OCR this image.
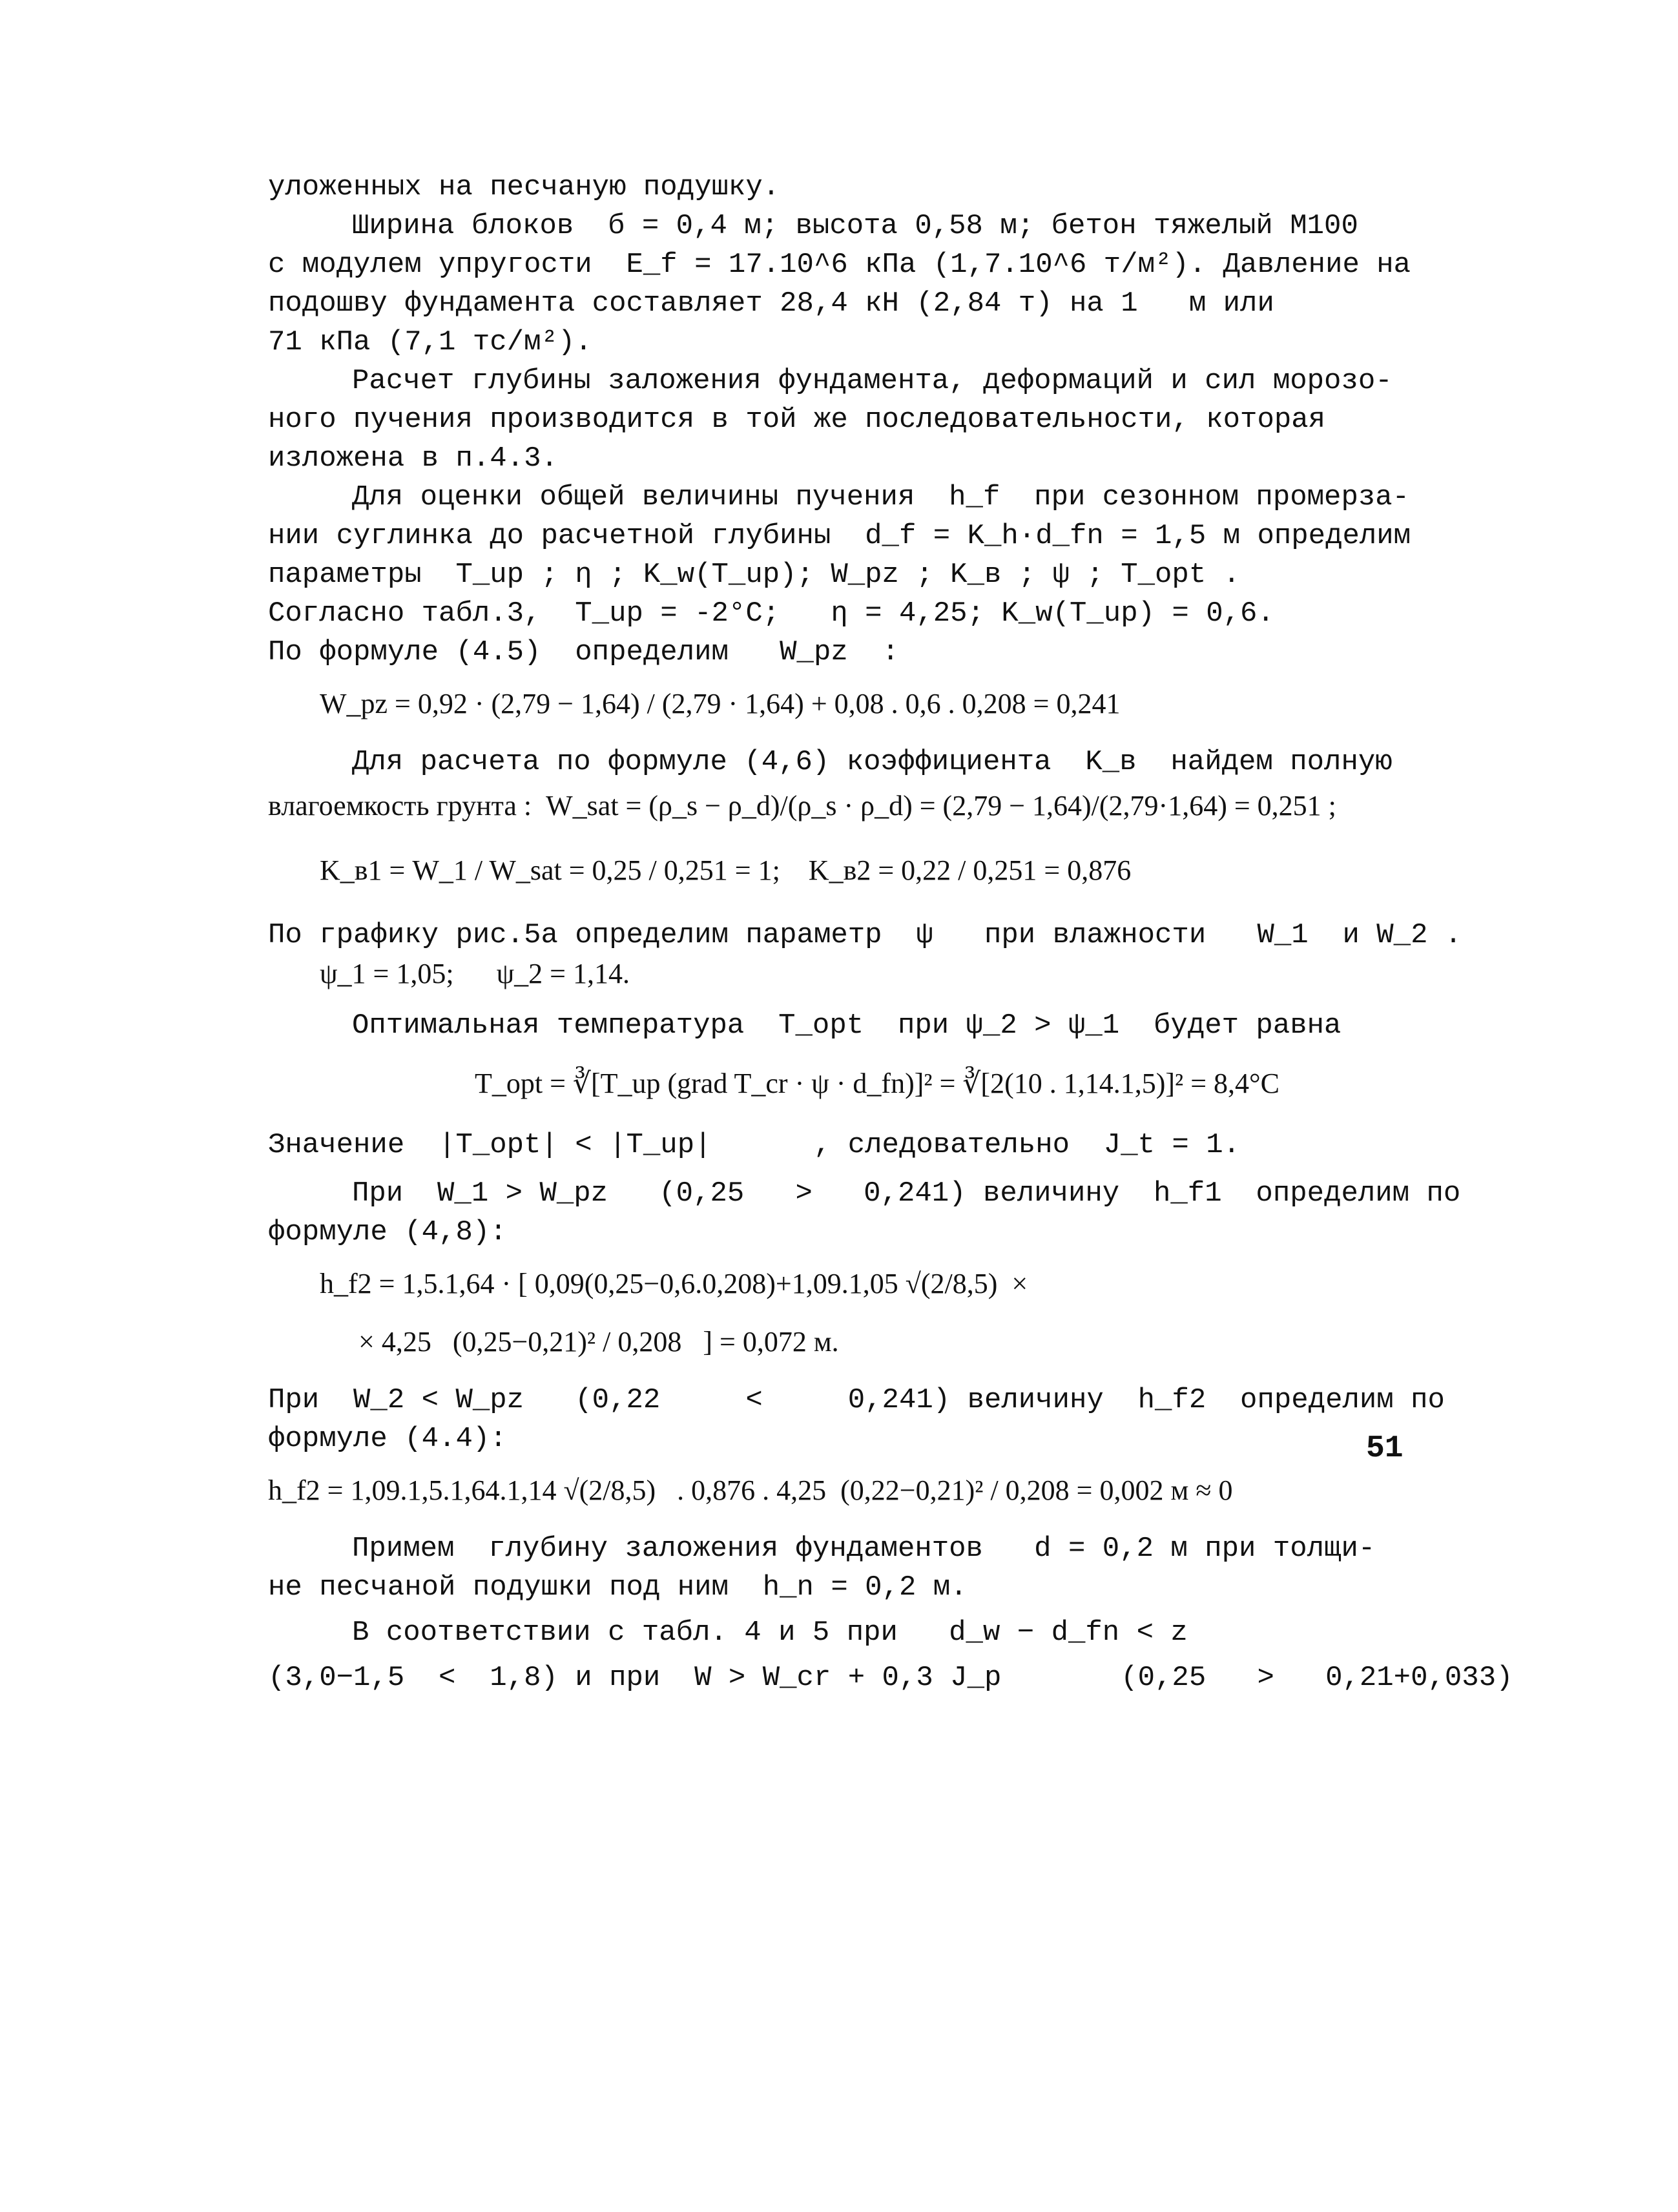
уложенных на песчаную подушку.
Ширина блоков  б = 0,4 м; высота 0,58 м; бетон тяжелый М100
с модулем упругости  E_f = 17.10^6 кПа (1,7.10^6 т/м²). Давление на
подошву фундамента составляет 28,4 кН (2,84 т) на 1   м или
71 кПа (7,1 тс/м²).
Расчет глубины заложения фундамента, деформаций и сил морозо-
ного пучения производится в той же последовательности, которая
изложена в п.4.3.
Для оценки общей величины пучения  h_f  при сезонном промерза-
нии суглинка до расчетной глубины  d_f = K_h·d_fn = 1,5 м определим
параметры  T_up ; η ; K_w(T_up); W_pz ; K_в ; ψ ; T_opt .
Согласно табл.3,  T_up = -2°C;   η = 4,25; K_w(T_up) = 0,6.
По формуле (4.5)  определим   W_pz  :
W_pz = 0,92 · (2,79 − 1,64) / (2,79 · 1,64) + 0,08 . 0,6 . 0,208 = 0,241
Для расчета по формуле (4,6) коэффициента  K_в  найдем полную
влагоемкость грунта :  W_sat = (ρ_s − ρ_d)/(ρ_s · ρ_d) = (2,79 − 1,64)/(2,79·1,64) = 0,251 ;
K_в1 = W_1 / W_sat = 0,25 / 0,251 = 1;    K_в2 = 0,22 / 0,251 = 0,876
По графику рис.5а определим параметр  ψ   при влажности   W_1  и W_2 .
ψ_1 = 1,05;      ψ_2 = 1,14.
Оптимальная температура  T_opt  при ψ_2 > ψ_1  будет равна
T_opt = ∛[T_up (grad T_cr · ψ · d_fn)]² = ∛[2(10 . 1,14.1,5)]² = 8,4°C
Значение  |T_opt| < |T_up|      , следовательно  J_t = 1.
При  W_1 > W_pz   (0,25   >   0,241) величину  h_f1  определим по
формуле (4,8):
h_f2 = 1,5.1,64 · [ 0,09(0,25−0,6.0,208)+1,09.1,05 √(2/8,5)  ×
× 4,25   (0,25−0,21)² / 0,208   ] = 0,072 м.
При  W_2 < W_pz   (0,22     <     0,241) величину  h_f2  определим по
формуле (4.4):
h_f2 = 1,09.1,5.1,64.1,14 √(2/8,5)   . 0,876 . 4,25  (0,22−0,21)² / 0,208 = 0,002 м ≈ 0
Примем  глубину заложения фундаментов   d = 0,2 м при толщи-
не песчаной подушки под ним  h_n = 0,2 м.
В соответствии с табл. 4 и 5 при   d_w − d_fn < z
(3,0−1,5  <  1,8) и при  W > W_cr + 0,3 J_p       (0,25   >   0,21+0,033)
51
